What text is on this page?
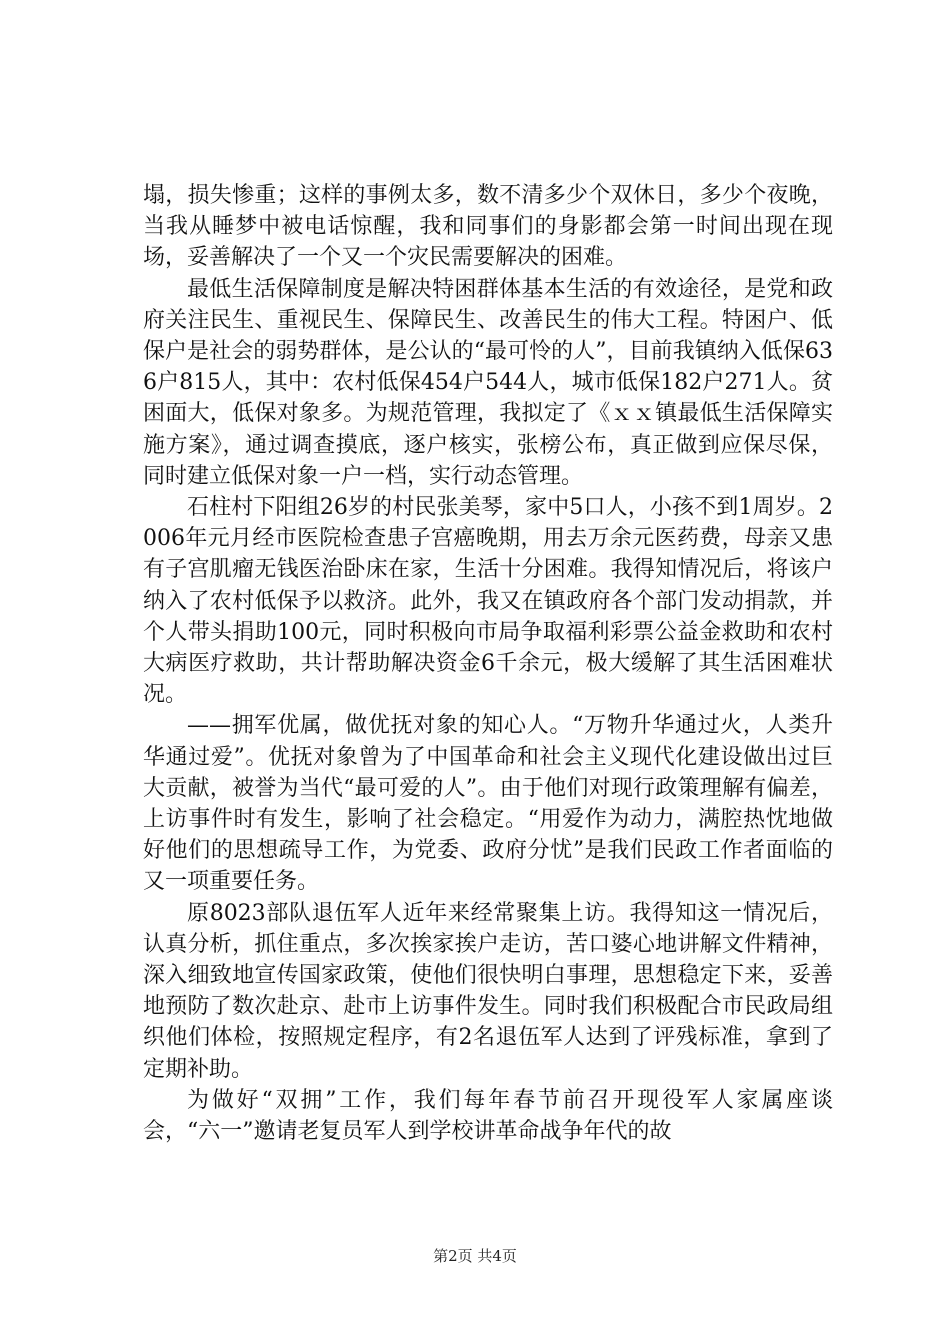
塌，损失惨重；这样的事例太多，数不清多少个双休日，多少个夜晚，当我从睡梦中被电话惊醒，我和同事们的身影都会第一时间出现在现场，妥善解决了一个又一个灾民需要解决的困难。

最低生活保障制度是解决特困群体基本生活的有效途径，是党和政府关注民生、重视民生、保障民生、改善民生的伟大工程。特困户、低保户是社会的弱势群体，是公认的“最可怜的人”，目前我镇纳入低保636户815人，其中：农村低保454户544人，城市低保182户271人。贫困面大，低保对象多。为规范管理，我拟定了《ｘｘ镇最低生活保障实施方案》，通过调查摸底，逐户核实，张榜公布，真正做到应保尽保，同时建立低保对象一户一档，实行动态管理。

石柱村下阳组26岁的村民张美琴，家中5口人，小孩不到1周岁。2006年元月经市医院检查患子宫癌晚期，用去万余元医药费，母亲又患有子宫肌瘤无钱医治卧床在家，生活十分困难。我得知情况后，将该户纳入了农村低保予以救济。此外，我又在镇政府各个部门发动捐款，并个人带头捐助100元，同时积极向市局争取福利彩票公益金救助和农村大病医疗救助，共计帮助解决资金6千余元，极大缓解了其生活困难状况。

——拥军优属，做优抚对象的知心人。“万物升华通过火，人类升华通过爱”。优抚对象曾为了中国革命和社会主义现代化建设做出过巨大贡献，被誉为当代“最可爱的人”。由于他们对现行政策理解有偏差，上访事件时有发生，影响了社会稳定。“用爱作为动力，满腔热忱地做好他们的思想疏导工作，为党委、政府分忧”是我们民政工作者面临的又一项重要任务。

原8023部队退伍军人近年来经常聚集上访。我得知这一情况后，认真分析，抓住重点，多次挨家挨户走访，苦口婆心地讲解文件精神，深入细致地宣传国家政策，使他们很快明白事理，思想稳定下来，妥善地预防了数次赴京、赴市上访事件发生。同时我们积极配合市民政局组织他们体检，按照规定程序，有2名退伍军人达到了评残标准，拿到了定期补助。

为做好“双拥”工作，我们每年春节前召开现役军人家属座谈会，“六一”邀请老复员军人到学校讲革命战争年代的故

第2页 共4页
